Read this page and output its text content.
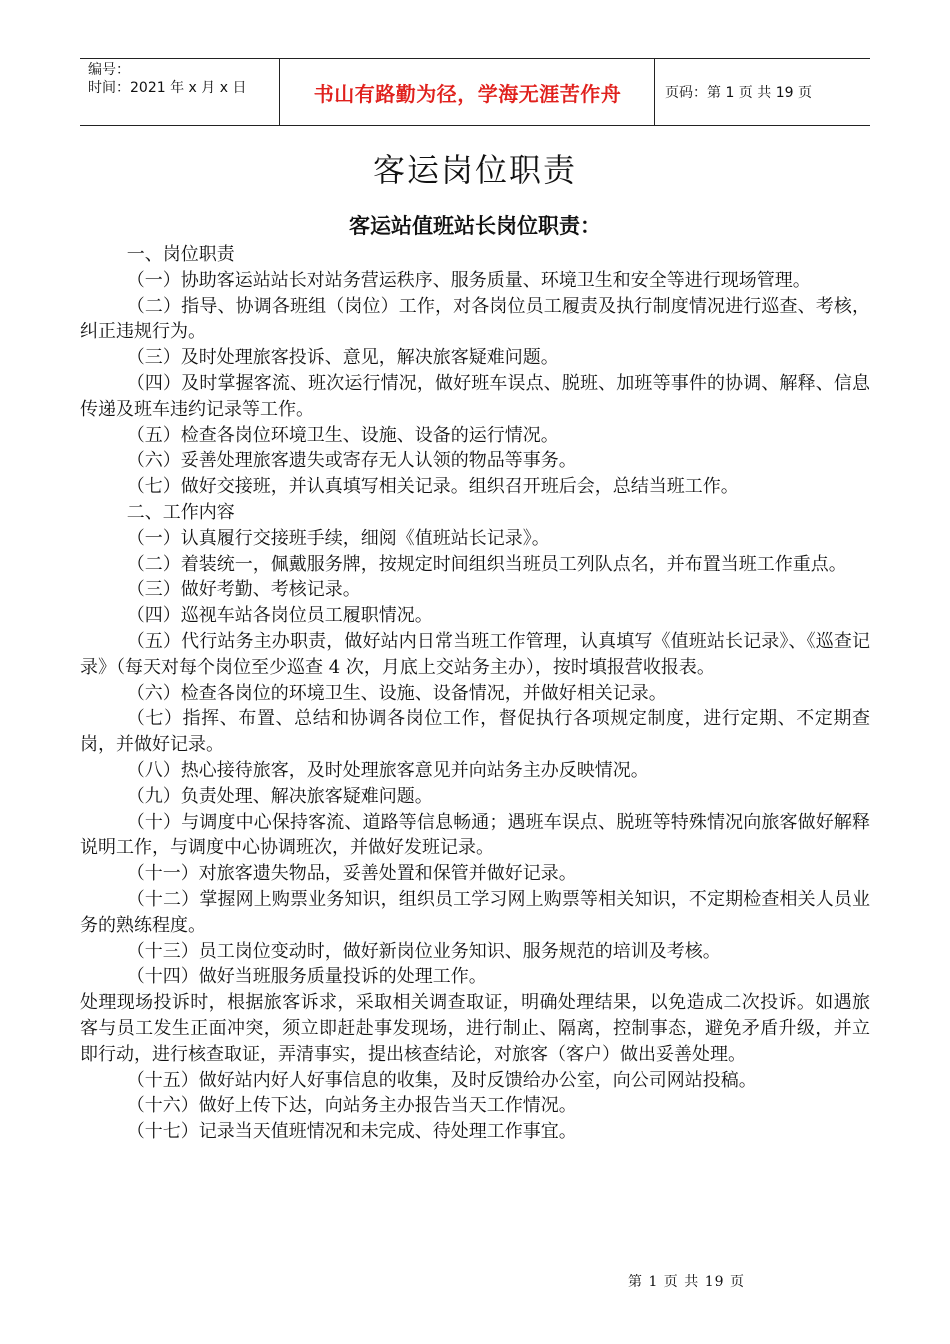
编号：
时间：2021 年 x 月 x 日	书山有路勤为径，学海无涯苦作舟	页码：第 1 页 共 19 页
客运岗位职责
客运站值班站长岗位职责：

一、岗位职责

（一）协助客运站站长对站务营运秩序、服务质量、环境卫生和安全等进行现场管理。

（二）指导、协调各班组（岗位）工作，对各岗位员工履责及执行制度情况进行巡查、考核，纠正违规行为。

（三）及时处理旅客投诉、意见，解决旅客疑难问题。

（四）及时掌握客流、班次运行情况，做好班车误点、脱班、加班等事件的协调、解释、信息传递及班车违约记录等工作。

（五）检查各岗位环境卫生、设施、设备的运行情况。

（六）妥善处理旅客遗失或寄存无人认领的物品等事务。

（七）做好交接班，并认真填写相关记录。组织召开班后会，总结当班工作。

二、工作内容

（一）认真履行交接班手续，细阅《值班站长记录》。

（二）着装统一，佩戴服务牌，按规定时间组织当班员工列队点名，并布置当班工作重点。

（三）做好考勤、考核记录。

（四）巡视车站各岗位员工履职情况。

（五）代行站务主办职责，做好站内日常当班工作管理，认真填写《值班站长记录》、《巡查记录》（每天对每个岗位至少巡查 4 次，月底上交站务主办），按时填报营收报表。

（六）检查各岗位的环境卫生、设施、设备情况，并做好相关记录。

（七）指挥、布置、总结和协调各岗位工作，督促执行各项规定制度，进行定期、不定期查岗，并做好记录。

（八）热心接待旅客，及时处理旅客意见并向站务主办反映情况。

（九）负责处理、解决旅客疑难问题。

（十）与调度中心保持客流、道路等信息畅通；遇班车误点、脱班等特殊情况向旅客做好解释说明工作，与调度中心协调班次，并做好发班记录。

（十一）对旅客遗失物品，妥善处置和保管并做好记录。

（十二）掌握网上购票业务知识，组织员工学习网上购票等相关知识，不定期检查相关人员业务的熟练程度。

（十三）员工岗位变动时，做好新岗位业务知识、服务规范的培训及考核。

（十四）做好当班服务质量投诉的处理工作。

处理现场投诉时，根据旅客诉求，采取相关调查取证，明确处理结果，以免造成二次投诉。如遇旅客与员工发生正面冲突，须立即赶赴事发现场，进行制止、隔离，控制事态，避免矛盾升级，并立即行动，进行核查取证，弄清事实，提出核查结论，对旅客（客户）做出妥善处理。

（十五）做好站内好人好事信息的收集，及时反馈给办公室，向公司网站投稿。

（十六）做好上传下达，向站务主办报告当天工作情况。

（十七）记录当天值班情况和未完成、待处理工作事宜。

第 1 页 共 19 页
